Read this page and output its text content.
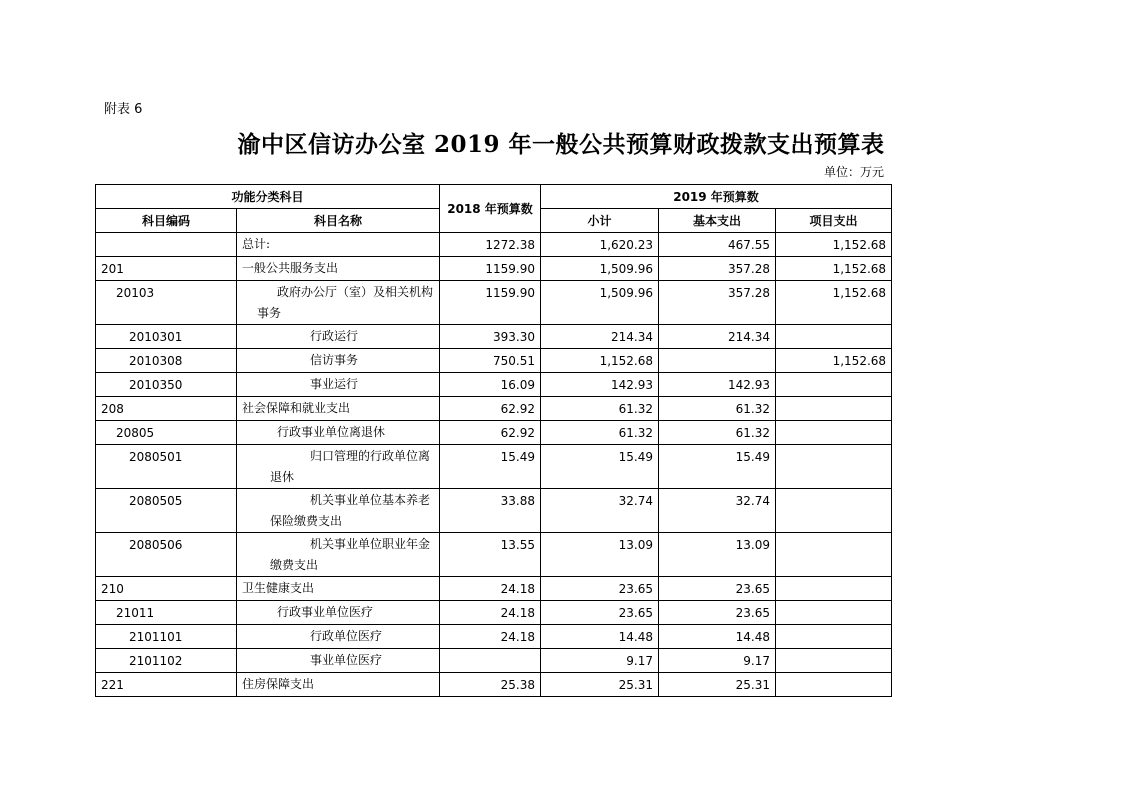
附表 6
渝中区信访办公室 2019 年一般公共预算财政拨款支出预算表
单位：万元
功能分类科目		2018 年预算数	2019 年预算数		
科目编码	科目名称		小计	基本支出	项目支出
	总计:	1272.38	1,620.23	467.55	1,152.68
201	一般公共服务支出	1159.90	1,509.96	357.28	1,152.68
20103	政府办公厅（室）及相关机构事务	1159.90	1,509.96	357.28	1,152.68
2010301	行政运行	393.30	214.34	214.34	
2010308	信访事务	750.51	1,152.68		1,152.68
2010350	事业运行	16.09	142.93	142.93	
208	社会保障和就业支出	62.92	61.32	61.32	
20805	行政事业单位离退休	62.92	61.32	61.32	
2080501	归口管理的行政单位离退休	15.49	15.49	15.49	
2080505	机关事业单位基本养老保险缴费支出	33.88	32.74	32.74	
2080506	机关事业单位职业年金缴费支出	13.55	13.09	13.09	
210	卫生健康支出	24.18	23.65	23.65	
21011	行政事业单位医疗	24.18	23.65	23.65	
2101101	行政单位医疗	24.18	14.48	14.48	
2101102	事业单位医疗		9.17	9.17	
221	住房保障支出	25.38	25.31	25.31	
